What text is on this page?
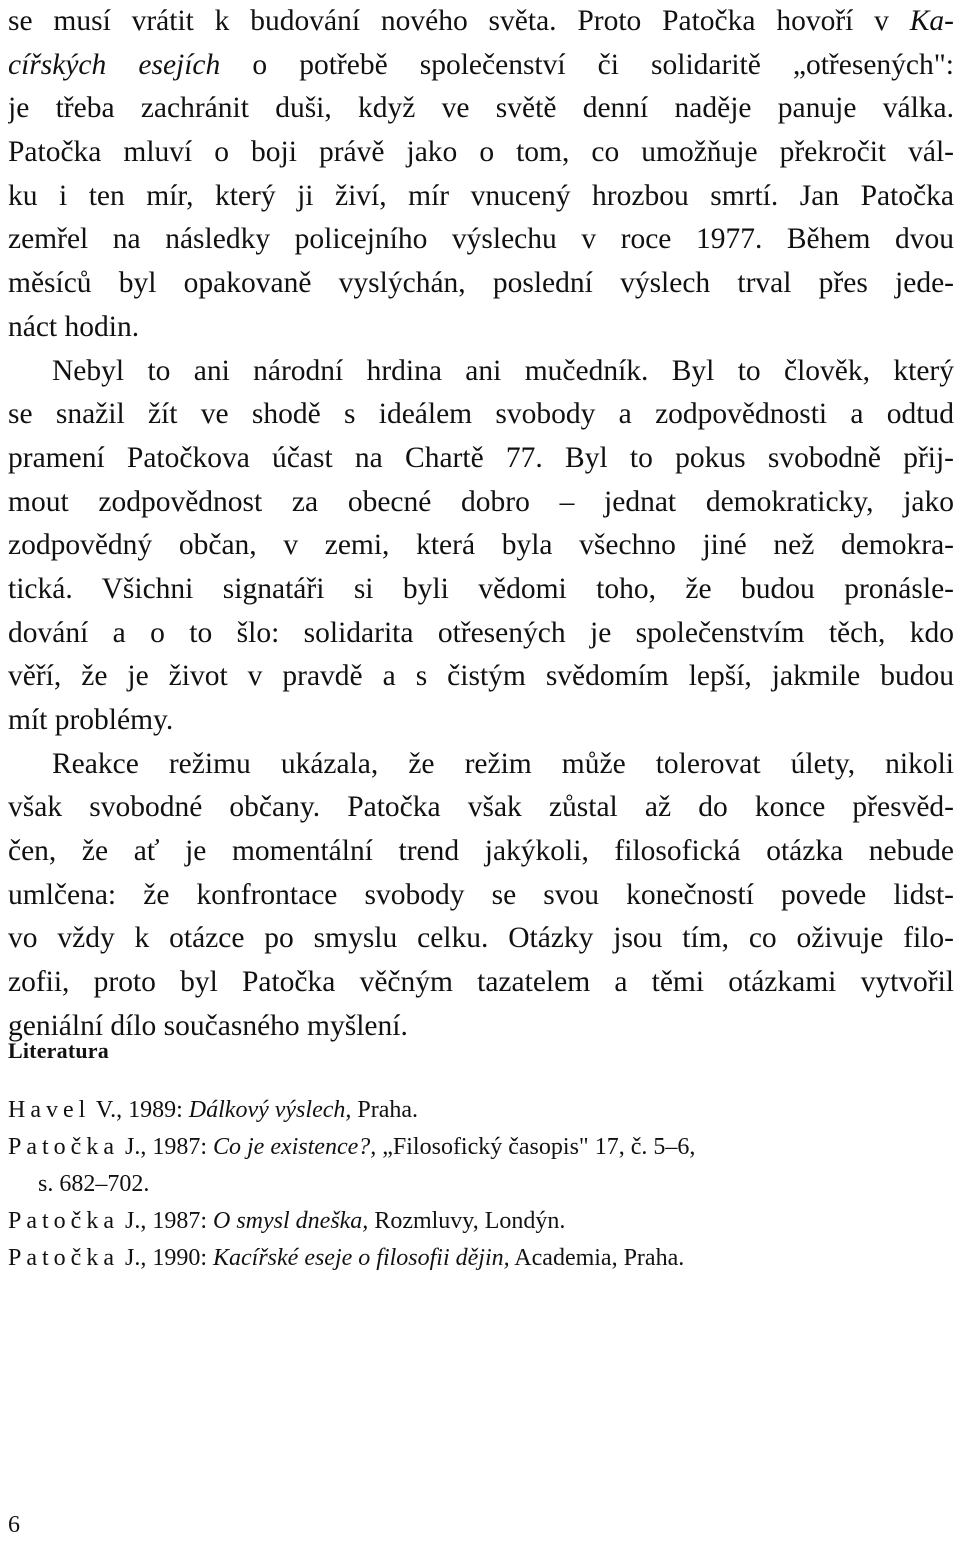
se musí vrátit k budování nového světa. Proto Patočka hovoří v Ka-
cířských esejích o potřebě společenství či solidaritě „otřesených":
je třeba zachránit duši, když ve světě denní naděje panuje válka.
Patočka mluví o boji právě jako o tom, co umožňuje překročit vál-
ku i ten mír, který ji živí, mír vnucený hrozbou smrtí. Jan Patočka
zemřel na následky policejního výslechu v roce 1977. Během dvou
měsíců byl opakovaně vyslýchán, poslední výslech trval přes jede-
náct hodin.
Nebyl to ani národní hrdina ani mučedník. Byl to člověk, který
se snažil žít ve shodě s ideálem svobody a zodpovědnosti a odtud
pramení Patočkova účast na Chartě 77. Byl to pokus svobodně přij-
mout zodpovědnost za obecné dobro – jednat demokraticky, jako
zodpovědný občan, v zemi, která byla všechno jiné než demokra-
tická. Všichni signatáři si byli vědomi toho, že budou pronásle-
dování a o to šlo: solidarita otřesených je společenstvím těch, kdo
věří, že je život v pravdě a s čistým svědomím lepší, jakmile budou
mít problémy.
Reakce režimu ukázala, že režim může tolerovat úlety, nikoli
však svobodné občany. Patočka však zůstal až do konce přesvěd-
čen, že ať je momentální trend jakýkoli, filosofická otázka nebude
umlčena: že konfrontace svobody se svou konečností povede lidst-
vo vždy k otázce po smyslu celku. Otázky jsou tím, co oživuje filo-
zofii, proto byl Patočka věčným tazatelem a těmi otázkami vytvořil
geniální dílo současného myšlení.
Literatura
Havel V., 1989: Dálkový výslech, Praha.
Patočka J., 1987: Co je existence?, „Filosofický časopis" 17, č. 5–6,
s. 682–702.
Patočka J., 1987: O smysl dneška, Rozmluvy, Londýn.
Patočka J., 1990: Kacířské eseje o filosofii dějin, Academia, Praha.
6
